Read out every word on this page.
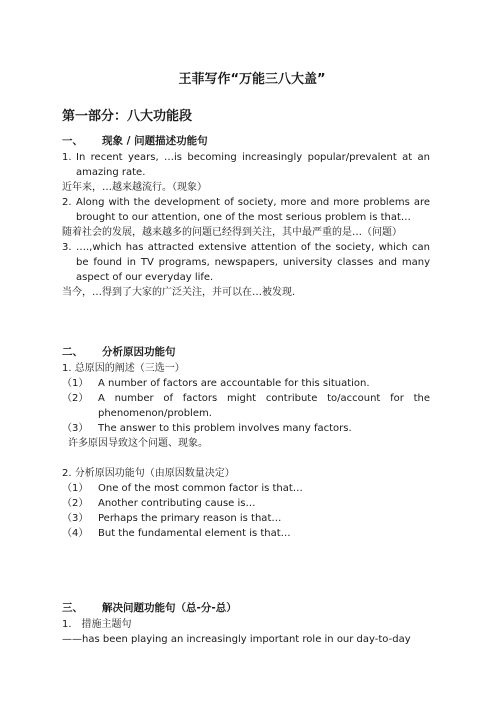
王菲写作“万能三八大盖”
第一部分：八大功能段
一、 现象 / 问题描述功能句
1. In recent years, …is becoming increasingly popular/prevalent at an amazing rate.

近年来，…越来越流行。（现象）

2. Along with the development of society, more and more problems are brought to our attention, one of the most serious problem is that…

随着社会的发展，越来越多的问题已经得到关注，其中最严重的是…（问题）

3. ….,which has attracted extensive attention of the society, which can be found in TV programs, newspapers, university classes and many aspect of our everyday life.

当今，…得到了大家的广泛关注，并可以在…被发现.

二、 分析原因功能句

1. 总原因的阐述（三选一）

（1） A number of factors are accountable for this situation.
（2） A number of factors might contribute to/account for the phenomenon/problem.
（3） The answer to this problem involves many factors.

许多原因导致这个问题、现象。

2. 分析原因功能句（由原因数量决定）

（1） One of the most common factor is that…
（2） Another contributing cause is…
（3） Perhaps the primary reason is that…
（4） But the fundamental element is that…
三、 解决问题功能句（总-分-总）

1． 措施主题句

——has been playing an increasingly important role in our day-to-day
